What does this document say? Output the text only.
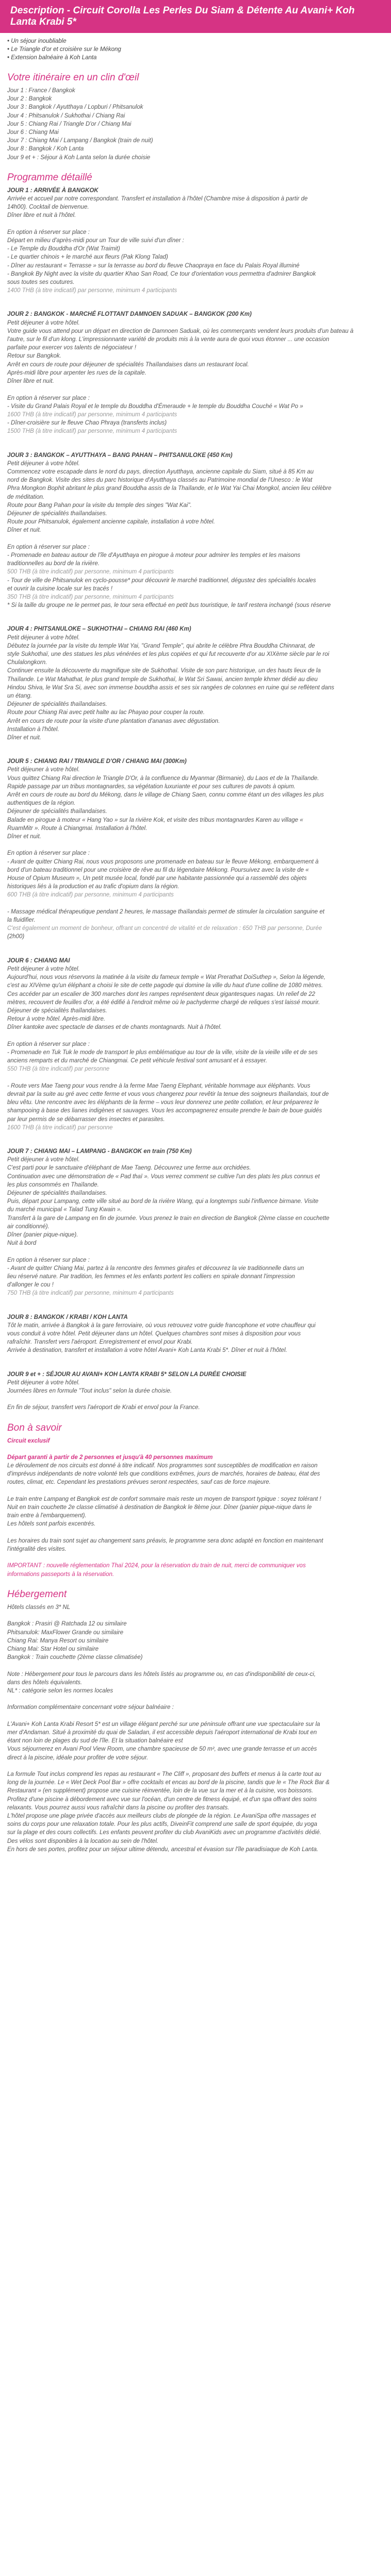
Description - Circuit Corolla Les Perles Du Siam & Détente Au Avani+ Koh Lanta Krabi 5*

• Un séjour inoubliable

• Le Triangle d'or et croisière sur le Mékong

• Extension balnéaire à Koh Lanta

Votre itinéraire en un clin d'œil

Jour 1 : France / Bangkok

Jour 2 : Bangkok

Jour 3 : Bangkok / Ayutthaya / Lopburi / Phitsanulok

Jour 4 : Phitsanulok / Sukhothai / Chiang Rai

Jour 5 : Chiang Rai / Triangle D'or / Chiang Mai

Jour 6 : Chiang Mai

Jour 7 : Chiang Mai / Lampang / Bangkok (train de nuit)

Jour 8 : Bangkok / Koh Lanta

Jour 9 et + : Séjour à Koh Lanta selon la durée choisie

Programme détaillé

JOUR 1 : ARRIVÉE À BANGKOK

Arrivée et accueil par notre correspondant. Transfert et installation à l'hôtel (Chambre mise à disposition à partir de

14h00). Cocktail de bienvenue.

Dîner libre et nuit à l'hôtel.

En option à réserver sur place :

Départ en milieu d'après-midi pour un Tour de ville suivi d'un dîner :

- Le Temple du Bouddha d'Or (Wat Traimit)

- Le quartier chinois + le marché aux fleurs (Pak Klong Talad)

- Dîner au restaurant « Terrasse » sur la terrasse au bord du fleuve Chaopraya en face du Palais Royal illuminé

- Bangkok By Night avec la visite du quartier Khao San Road, Ce tour d'orientation vous permettra d'admirer Bangkok

sous toutes ses coutures.

1400 THB (à titre indicatif) par personne, minimum 4 participants

JOUR 2 : BANGKOK - MARCHÉ FLOTTANT DAMNOEN SADUAK – BANGKOK (200 Km)

Petit déjeuner à votre hôtel.

Votre guide vous attend pour un départ en direction de Damnoen Saduak, où les commerçants vendent leurs produits d'un bateau à

l'autre, sur le fil d'un klong. L'impressionnante variété de produits mis à la vente aura de quoi vous étonner ... une occasion

parfaite pour exercer vos talents de négociateur !

Retour sur Bangkok.

Arrêt en cours de route pour déjeuner de spécialités Thaïlandaises dans un restaurant local.

Après-midi libre pour arpenter les rues de la capitale.

Dîner libre et nuit.

En option à réserver sur place :

- Visite du Grand Palais Royal et le temple du Bouddha d'Émeraude + le temple du Bouddha Couché « Wat Po »

1600 THB (à titre indicatif) par personne, minimum 4 participants

- Dîner-croisière sur le fleuve Chao Phraya (transferts inclus)

1500 THB (à titre indicatif) par personne, minimum 4 participants

JOUR 3 : BANGKOK – AYUTTHAYA – BANG PAHAN – PHITSANULOKE (450 Km)

Petit déjeuner à votre hôtel.

Commencez votre escapade dans le nord du pays, direction Ayutthaya, ancienne capitale du Siam, situé à 85 Km au

nord de Bangkok. Visite des sites du parc historique d'Ayutthaya classés au Patrimoine mondial de l'Unesco : le Wat

Phra Mongkon Bophit abritant le plus grand Bouddha assis de la Thaïlande, et le Wat Yai Chai Mongkol, ancien lieu célèbre

de méditation.

Route pour Bang Pahan pour la visite du temple des singes "Wat Kai".

Déjeuner de spécialités thaïlandaises.

Route pour Phitsanulok, également ancienne capitale, installation à votre hôtel.

Dîner et nuit.

En option à réserver sur place :

- Promenade en bateau autour de l'île d'Ayutthaya en pirogue à moteur pour admirer les temples et les maisons

traditionnelles au bord de la rivière.

500 THB (à titre indicatif) par personne, minimum 4 participants

- Tour de ville de Phitsanulok en cyclo-pousse* pour découvrir le marché traditionnel, dégustez des spécialités locales

et ouvrir la cuisine locale sur les tracés !

350 THB (à titre indicatif) par personne, minimum 4 participants

* Si la taille du groupe ne le permet pas, le tour sera effectué en petit bus touristique, le tarif restera inchangé (sous réserve

JOUR 4 : PHITSANULOKE – SUKHOTHAI – CHIANG RAI (460 Km)

Petit déjeuner à votre hôtel.

Débutez la journée par la visite du temple Wat Yai, "Grand Temple", qui abrite le célèbre Phra Bouddha Chinnarat, de

style Sukhothaï, une des statues les plus vénérées et les plus copiées et qui fut recouverte d'or au XIXème siècle par le roi

Chulalongkorn.

Continuer ensuite la découverte du magnifique site de Sukhothaï. Visite de son parc historique, un des hauts lieux de la

Thaïlande. Le Wat Mahathat, le plus grand temple de Sukhothaï, le Wat Sri Sawai, ancien temple khmer dédié au dieu

Hindou Shiva, le Wat Sra Si, avec son immense bouddha assis et ses six rangées de colonnes en ruine qui se reflètent dans

un étang.

Déjeuner de spécialités thaïlandaises.

Route pour Chiang Rai avec petit halte au lac Phayao pour couper la route.

Arrêt en cours de route pour la visite d'une plantation d'ananas avec dégustation.

Installation à l'hôtel.

Dîner et nuit.

JOUR 5 : CHIANG RAI / TRIANGLE D'OR / CHIANG MAI (300Km)

Petit déjeuner à votre hôtel.

Vous quittez Chiang Rai direction le Triangle D'Or, à la confluence du Myanmar (Birmanie), du Laos et de la Thaïlande.

Rapide passage par un tribus montagnardes, sa végétation luxuriante et pour ses cultures de pavots à opium.

Arrêt en cours de route au bord du Mékong, dans le village de Chiang Saen, connu comme étant un des villages les plus

authentiques de la région.

Déjeuner de spécialités thaïlandaises.

Balade en pirogue à moteur « Hang Yao » sur la rivière Kok, et visite des tribus montagnardes Karen au village «

RuamMitr ». Route à Chiangmai. Installation à l'hôtel.

Dîner et nuit.

En option à réserver sur place :

- Avant de quitter Chiang Rai, nous vous proposons une promenade en bateau sur le fleuve Mékong, embarquement à

bord d'un bateau traditionnel pour une croisière de rêve au fil du légendaire Mékong. Poursuivez avec la visite de «

House of Opium Museum », Un petit musée local, fondé par une habitante passionnée qui a rassemblé des objets

historiques liés à la production et au trafic d'opium dans la région.

600 THB (à titre indicatif) par personne, minimum 4 participants

- Massage médical thérapeutique pendant 2 heures, le massage thaïlandais permet de stimuler la circulation sanguine et

la fluidifier.

C'est également un moment de bonheur, offrant un concentré de vitalité et de relaxation : 650 THB par personne, Durée

(2h00)

JOUR 6 : CHIANG MAI

Petit déjeuner à votre hôtel.

Aujourd'hui, nous vous réservons la matinée à la visite du fameux temple « Wat Prerathat DoiSuthep », Selon la légende,

c'est au XIVème qu'un éléphant a choisi le site de cette pagode qui domine la ville du haut d'une colline de 1080 mètres.

Ces accéder par un escalier de 300 marches dont les rampes représentent deux gigantesques nagas. Un relief de 22

mètres, recouvert de feuilles d'or, a été édifié à l'endroit même où le pachyderme chargé de reliques s'est laissé mourir.

Déjeuner de spécialités thaïlandaises.

Retour à votre hôtel. Après-midi libre.

Dîner kantoke avec spectacle de danses et de chants montagnards. Nuit à l'hôtel.

En option à réserver sur place :

- Promenade en Tuk Tuk le mode de transport le plus emblématique au tour de la ville, visite de la vieille ville et de ses

anciens remparts et du marché de Chiangmai. Ce petit véhicule festival sont amusant et à essayer.

550 THB (à titre indicatif) par personne

- Route vers Mae Taeng pour vous rendre à la ferme Mae Taeng Elephant, véritable hommage aux éléphants. Vous

devrait par la suite au gré avec cette ferme et vous vous changerez pour revêtir la tenue des soigneurs thaïlandais, tout de

bleu vêtu. Une rencontre avec les éléphants de la ferme – vous leur donnerez une petite collation, et leur préparerez le

shampooing à base des lianes indigènes et sauvages. Vous les accompagnerez ensuite prendre le bain de boue guidés

par leur permis de se débarrasser des insectes et parasites.

1600 THB (à titre indicatif) par personne

JOUR 7 : CHIANG MAI – LAMPANG - BANGKOK en train (750 Km)

Petit déjeuner à votre hôtel.

C'est parti pour le sanctuaire d'éléphant de Mae Taeng. Découvrez une ferme aux orchidées.

Continuation avec une démonstration de « Pad thaï ». Vous verrez comment se cultive l'un des plats les plus connus et

les plus consommés en Thaïlande.

Déjeuner de spécialités thaïlandaises.

Puis, départ pour Lampang, cette ville situé au bord de la rivière Wang, qui a longtemps subi l'influence birmane. Visite

du marché municipal « Talad Tung Kwain ».

Transfert à la gare de Lampang en fin de journée. Vous prenez le train en direction de Bangkok (2ème classe en couchette

air conditionné).

Dîner (panier pique-nique).

Nuit à bord

En option à réserver sur place :

- Avant de quitter Chiang Mai, partez à la rencontre des femmes girafes et découvrez la vie traditionnelle dans un

lieu réservé nature. Par tradition, les femmes et les enfants portent les colliers en spirale donnant l'impression

d'allonger le cou !

750 THB (à titre indicatif) par personne, minimum 4 participants

JOUR 8 : BANGKOK / KRABI / KOH LANTA

Tôt le matin, arrivée à Bangkok à la gare ferroviaire, où vous retrouvez votre guide francophone et votre chauffeur qui

vous conduit à votre hôtel. Petit déjeuner dans un hôtel. Quelques chambres sont mises à disposition pour vous

rafraîchir. Transfert vers l'aéroport. Enregistrement et envol pour Krabi.

Arrivée à destination, transfert et installation à votre hôtel Avani+ Koh Lanta Krabi 5*. Dîner et nuit à l'hôtel.

JOUR 9 et + : SÉJOUR AU AVANI+ KOH LANTA KRABI 5* SELON LA DURÉE CHOISIE

Petit déjeuner à votre hôtel.

Journées libres en formule "Tout inclus" selon la durée choisie.

En fin de séjour, transfert vers l'aéroport de Krabi et envol pour la France.

Bon à savoir

Circuit exclusif

Départ garanti à partir de 2 personnes et jusqu'à 40 personnes maximum

Le déroulement de nos circuits est donné à titre indicatif. Nos programmes sont susceptibles de modification en raison

d'imprévus indépendants de notre volonté tels que conditions extrêmes, jours de marchés, horaires de bateau, état des

routes, climat, etc. Cependant les prestations prévues seront respectées, sauf cas de force majeure.

Le train entre Lampang et Bangkok est de confort sommaire mais reste un moyen de transport typique : soyez tolérant !

Nuit en train couchette 2e classe climatisé à destination de Bangkok le 8ème jour. Dîner (panier pique-nique dans le

train entre à l'embarquement).

Les hôtels sont parfois excentrés.

Les horaires du train sont sujet au changement sans préavis, le programme sera donc adapté en fonction en maintenant

l'intégralité des visites.

IMPORTANT : nouvelle réglementation Thaï 2024, pour la réservation du train de nuit, merci de communiquer vos

informations passeports à la réservation.

Hébergement

Hôtels classés en 3* NL

Bangkok : Prasiri @ Ratchada 12 ou similaire

Phitsanulok: MaxFlower Grande ou similaire

Chiang Rai: Manya Resort ou similaire

Chiang Mai: Star Hotel ou similaire

Bangkok : Train couchette (2ème classe climatisée)

Note : Hébergement pour tous le parcours dans les hôtels listés au programme ou, en cas d'indisponibilité de ceux-ci,

dans des hôtels équivalents.

NL* : catégorie selon les normes locales

Information complémentaire concernant votre séjour balnéaire :

L'Avani+ Koh Lanta Krabi Resort 5* est un village élégant perché sur une péninsule offrant une vue spectaculaire sur la

mer d'Andaman. Situé à proximité du quai de Saladan, il est accessible depuis l'aéroport international de Krabi tout en

étant non loin de plages du sud de l'île. Et la situation balnéaire est

Vous séjournerez en Avani Pool View Room, une chambre spacieuse de 50 m², avec une grande terrasse et un accès

direct à la piscine, idéale pour profiter de votre séjour.

La formule Tout inclus comprend les repas au restaurant « The Cliff », proposant des buffets et menus à la carte tout au

long de la journée. Le « Wet Deck Pool Bar » offre cocktails et encas au bord de la piscine, tandis que le « The Rock Bar &

Restaurant » (en supplément) propose une cuisine réinventée, loin de la vue sur la mer et à la cuisine, vos boissons.

Profitez d'une piscine à débordement avec vue sur l'océan, d'un centre de fitness équipé, et d'un spa offrant des soins

relaxants. Vous pourrez aussi vous rafraîchir dans la piscine ou profiter des transats.

L'hôtel propose une plage privée d'accès aux meilleurs clubs de plongée de la région. Le AvaniSpa offre massages et

soins du corps pour une relaxation totale. Pour les plus actifs, DiveinFit comprend une salle de sport équipée, du yoga

sur la plage et des cours collectifs. Les enfants peuvent profiter du club AvaniKids avec un programme d'activités dédié.

Des vélos sont disponibles à la location au sein de l'hôtel.

En hors de ses portes, profitez pour un séjour ultime détendu, ancestral et évasion sur l'île paradisiaque de Koh Lanta.
